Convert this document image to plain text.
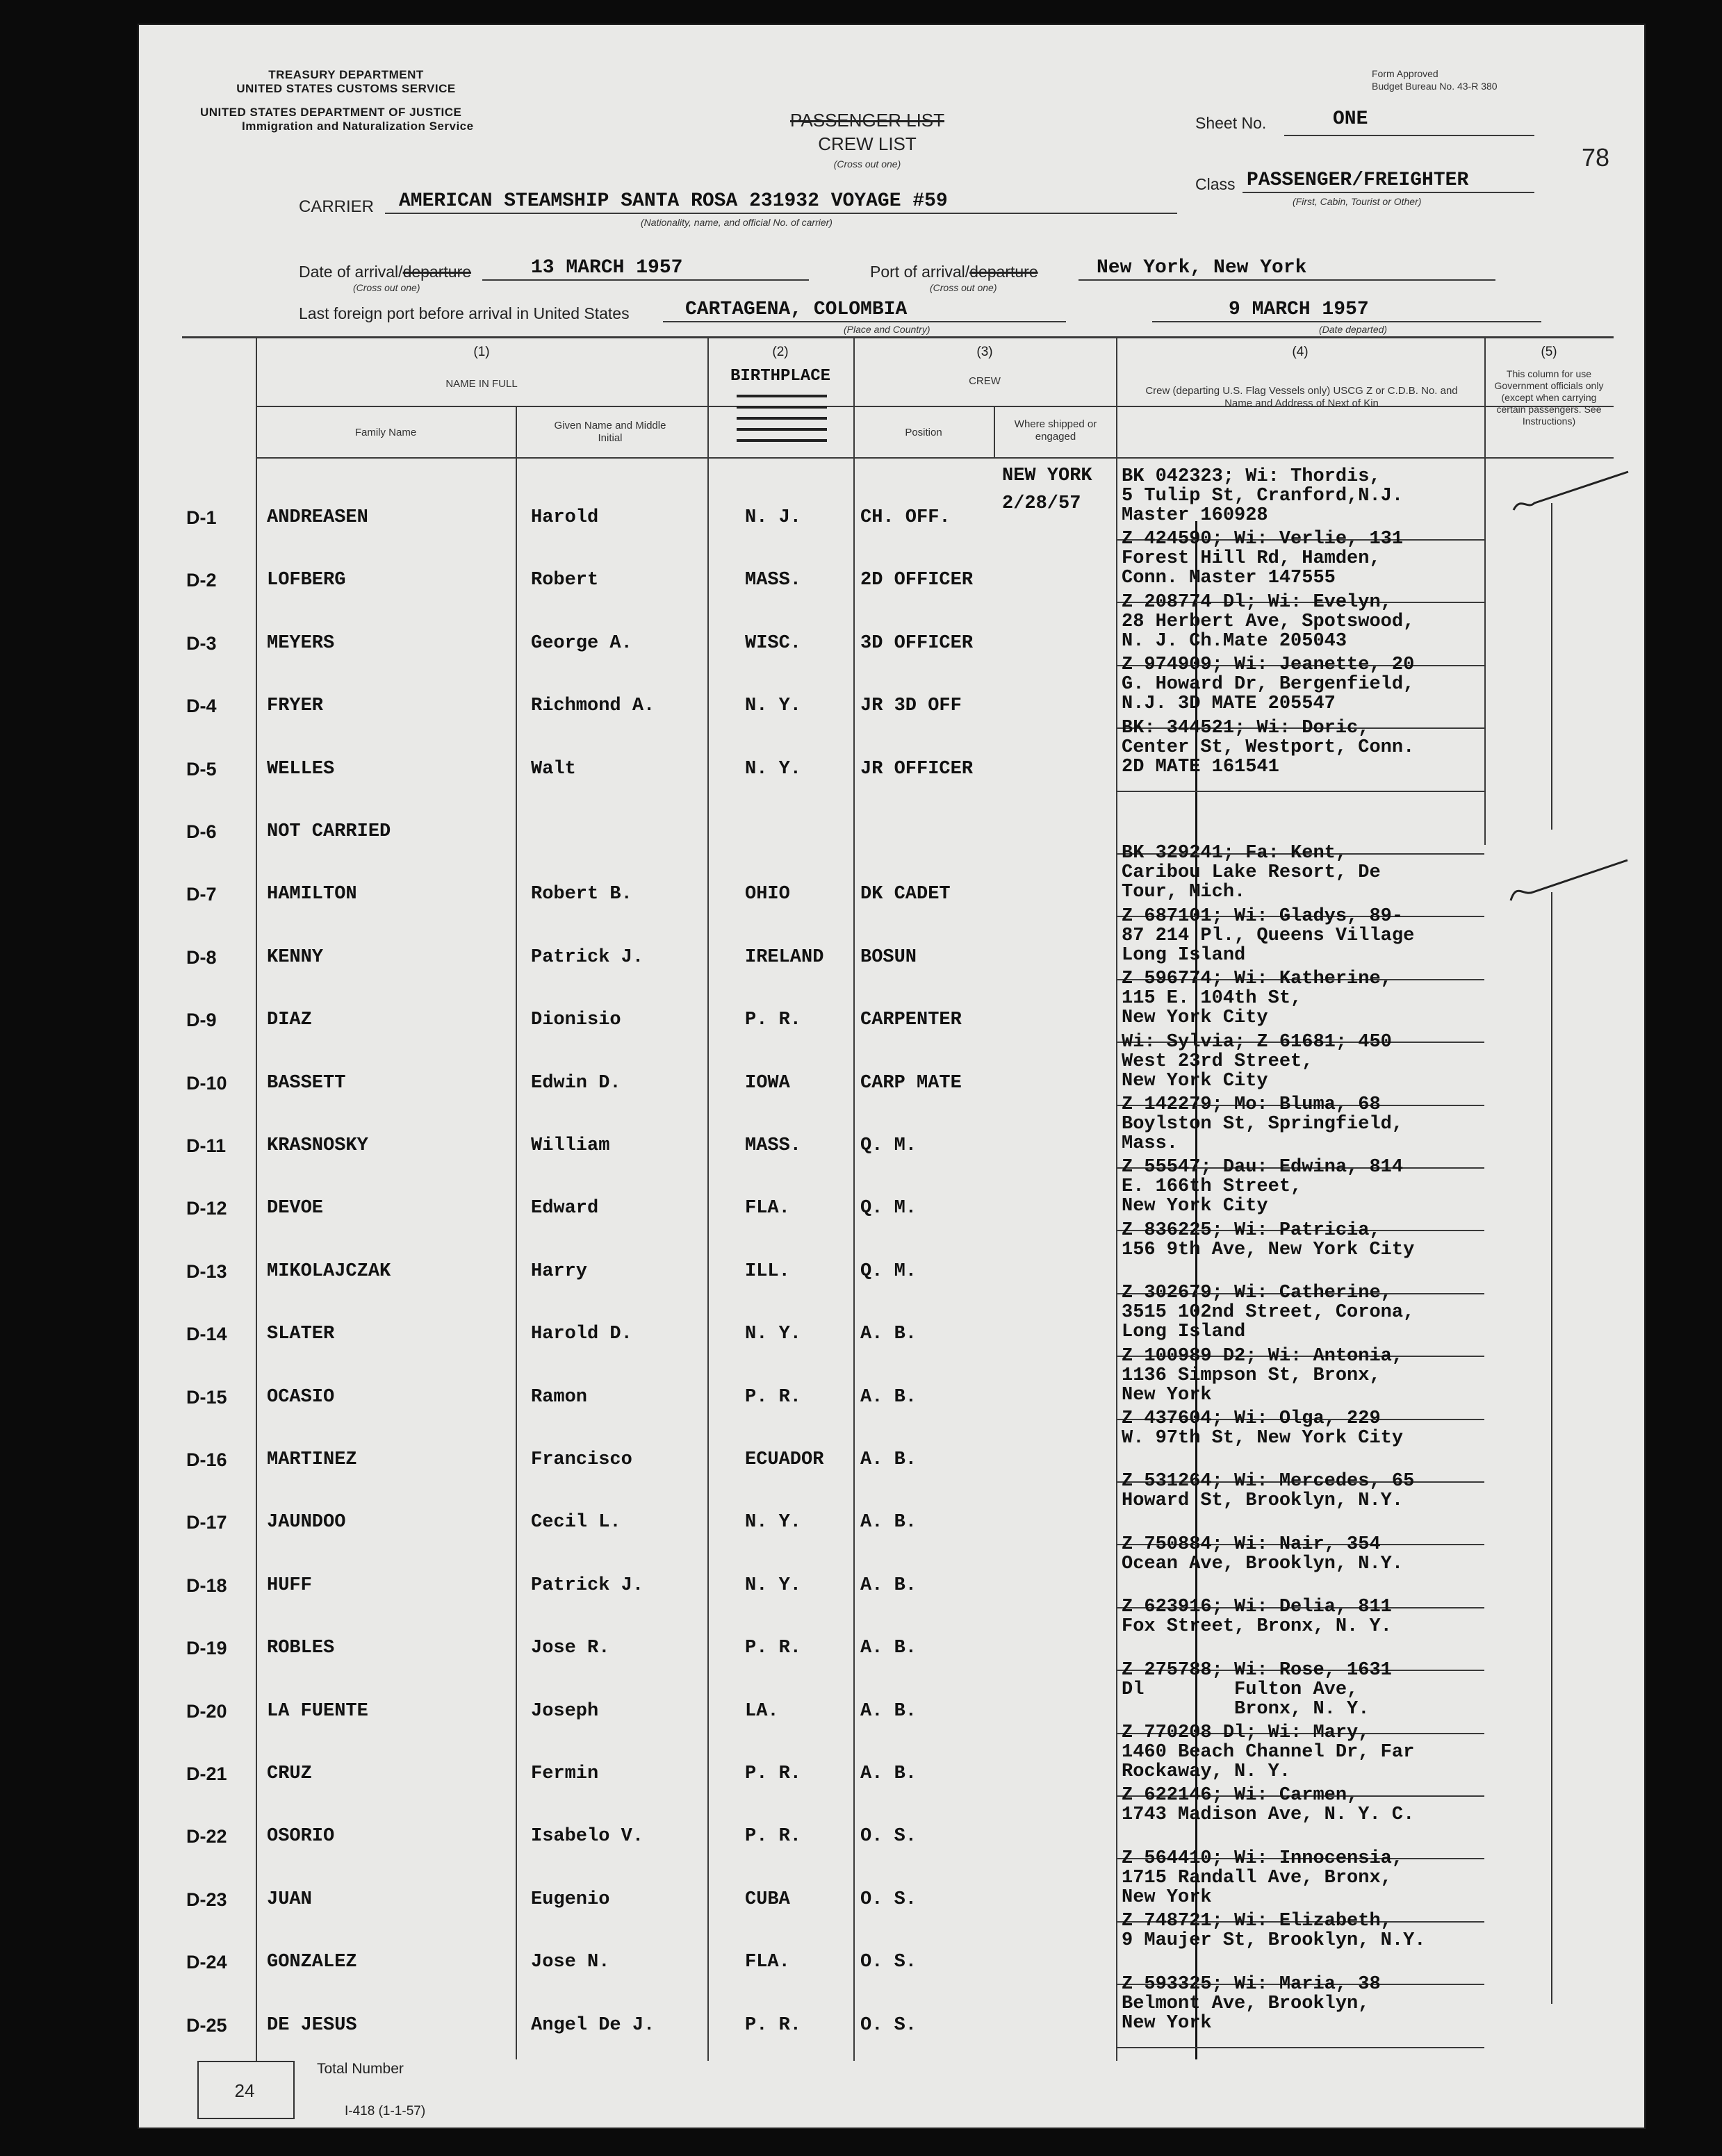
TREASURY DEPARTMENT
UNITED STATES CUSTOMS SERVICE
UNITED STATES DEPARTMENT OF JUSTICE
Immigration and Naturalization Service
Form Approved
Budget Bureau No. 43-R 380
PASSENGER LIST
CREW LIST
(Cross out one)
Sheet No.	ONE
78
CARRIER AMERICAN STEAMSHIP SANTA ROSA 231932 VOYAGE #59
(Nationality, name, and official No. of carrier)
Class PASSENGER/FREIGHTER
(First, Cabin, Tourist or Other)
Date of arrival/departure	13 MARCH 1957
(Cross out one)
Port of arrival/departure	New York, New York
(Cross out one)
Last foreign port before arrival in United States	CARTAGENA, COLOMBIA
(Place and Country)
9 MARCH 1957
(Date departed)
(1)
NAME IN FULL
Family Name
Given Name and Middle Initial
(2)
BIRTHPLACE
(3)
CREW
Position
Where shipped or engaged
(4)
Crew (departing U.S. Flag Vessels only) USCG Z or C.D.B. No. and Name and Address of Next of Kin
(5)
This column for use Government officials only (except when carrying certain passengers. See Instructions)
NEW YORK
2/28/57
D-1	ANDREASEN	Harold	N. J.	CH. OFF.
BK 042323; Wi: Thordis,
5 Tulip St, Cranford,N.J.
Master 160928
D-2	LOFBERG	Robert	MASS.	2D OFFICER
Z 424590; Wi: Verlie, 131
Forest Hill Rd, Hamden,
Conn. Master 147555
D-3	MEYERS	George A.	WISC.	3D OFFICER
Z 208774 Dl; Wi: Evelyn,
28 Herbert Ave, Spotswood,
N. J. Ch.Mate 205043
D-4	FRYER	Richmond A.	N. Y.	JR 3D OFF
Z 974909; Wi: Jeanette, 20
G. Howard Dr, Bergenfield,
N.J. 3D MATE 205547
D-5	WELLES	Walt	N. Y.	JR OFFICER
BK: 344521; Wi: Doric,
Center St, Westport, Conn.
2D MATE 161541
D-6	NOT CARRIED
D-7	HAMILTON	Robert B.	OHIO	DK CADET
BK 329241; Fa: Kent,
Caribou Lake Resort, De
Tour, Mich.
D-8	KENNY	Patrick J.	IRELAND BOSUN
Z 687101; Wi: Gladys, 89-
87 214 Pl., Queens Village
Long Island
D-9	DIAZ	Dionisio	P. R.	CARPENTER
Z 596774; Wi: Katherine,
115 E. 104th St,
New York City
D-10 BASSETT	Edwin D.	IOWA	CARP MATE
Wi: Sylvia; Z 61681; 450
West 23rd Street,
New York City
D-11 KRASNOSKY	William	MASS.	Q. M.
Z 142279; Mo: Bluma, 68
Boylston St, Springfield,
Mass.
D-12 DEVOE	Edward	FLA.	Q. M.
Z 55547; Dau: Edwina, 814
E. 166th Street,
New York City
D-13 MIKOLAJCZAK	Harry	ILL.	Q. M.
Z 836225; Wi: Patricia,
156 9th Ave, New York City
D-14 SLATER	Harold D.	N. Y.	A. B.
Z 302679; Wi: Catherine,
3515 102nd Street, Corona,
Long Island
D-15 OCASIO	Ramon	P. R.	A. B.
Z 100989 D2; Wi: Antonia,
1136 Simpson St, Bronx,
New York
D-16 MARTINEZ	Francisco	ECUADOR A. B.
Z 437604; Wi: Olga, 229
W. 97th St, New York City
D-17 JAUNDOO	Cecil L.	N. Y.	A. B.
Z 531264; Wi: Mercedes, 65
Howard St, Brooklyn, N.Y.
D-18 HUFF	Patrick J.	N. Y.	A. B.
Z 750884; Wi: Nair, 354
Ocean Ave, Brooklyn, N.Y.
D-19 ROBLES	Jose R.	P. R.	A. B.
Z 623916; Wi: Delia, 811
Fox Street, Bronx, N. Y.
D-20 LA FUENTE	Joseph	LA.	A. B.
Z 275788; Wi: Rose, 1631
Dl        Fulton Ave,
Bronx, N. Y.
D-21 CRUZ	Fermin	P. R.	A. B.
Z 770208 Dl; Wi: Mary,
1460 Beach Channel Dr, Far
Rockaway, N. Y.
D-22 OSORIO	Isabelo V.	P. R.	O. S.
Z 622146; Wi: Carmen,
1743 Madison Ave, N. Y. C.
D-23 JUAN	Eugenio	CUBA	O. S.
Z 564410; Wi: Innocensia,
1715 Randall Ave, Bronx,
New York
D-24 GONZALEZ	Jose N.	FLA.	O. S.
Z 748721; Wi: Elizabeth,
9 Maujer St, Brooklyn, N.Y.
D-25 DE JESUS	Angel De J.	P. R.	O. S.
Z 593325; Wi: Maria, 38
Belmont Ave, Brooklyn,
New York
24
Total Number
I-418 (1-1-57)
